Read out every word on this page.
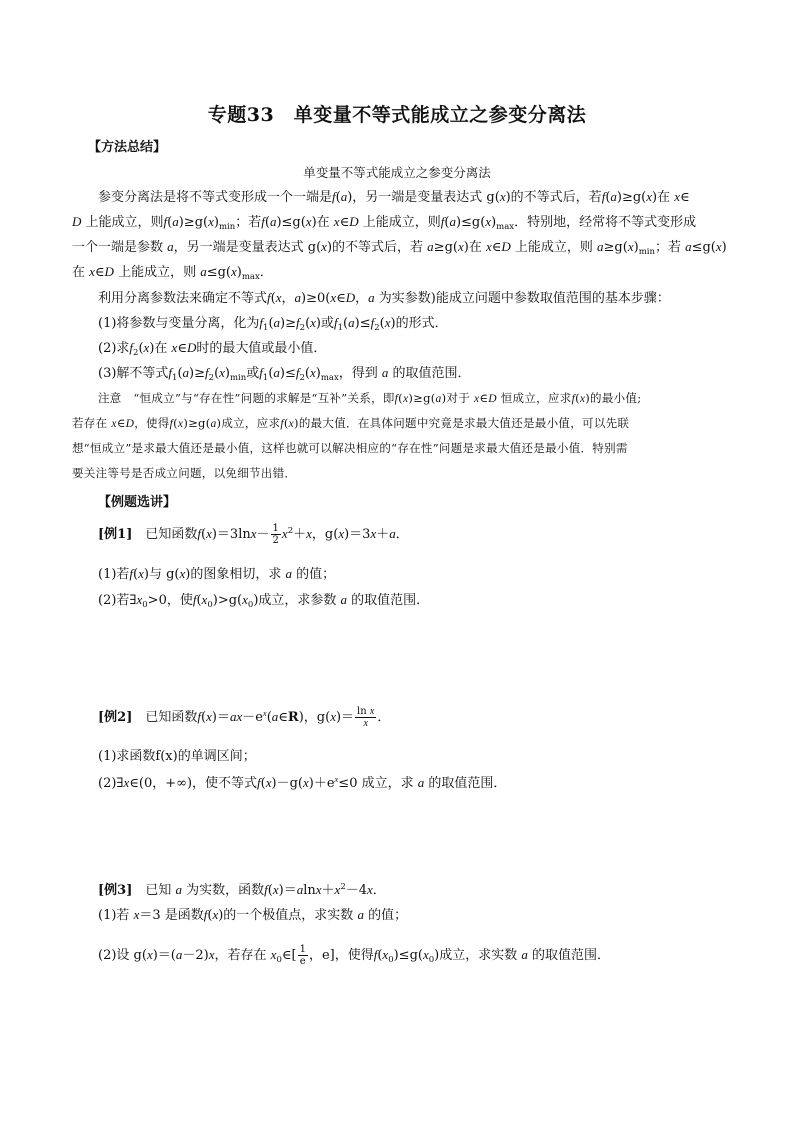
专题33　单变量不等式能成立之参变分离法
【方法总结】
单变量不等式能成立之参变分离法
参变分离法是将不等式变形成一个一端是f(a)，另一端是变量表达式 g(x)的不等式后，若f(a)≥g(x)在 x∈
D 上能成立，则$f(a)\ge g(x)_{min}$；若f(a)≤g(x)在 x∈D 上能成立，则$f(a)\le g(x)_{max}$．特别地，经常将不等式变形成
一个一端是参数 a，另一端是变量表达式 g(x)的不等式后，若 a≥g(x)在 x∈D 上能成立，则 $a\ge g(x)_{min}$；若 a≤g(x)
在 x∈D 上能成立，则 $a\le g(x)_{max}$．
利用分离参数法来确定不等式f(x，a)≥0(x∈D，a 为实参数)能成立问题中参数取值范围的基本步骤：
(1)将参数与变量分离，化为$f_1(a)\ge f_2(x)$或$f_1(a)\le f_2(x)$的形式．
(2)求$f_2(x)$在 x∈D时的最大值或最小值．
(3)解不等式$f_1(a)\ge f_2(x)_{min}$或$f_1(a)\le f_2(x)_{max}$，得到 a 的取值范围．
注意　“恒成立”与“存在性”问题的求解是“互补”关系，即f(x)≥g(a)对于 x∈D 恒成立，应求f(x)的最小值;
若存在 x∈D，使得f(x)≥g(a)成立，应求f(x)的最大值．在具体问题中究竟是求最大值还是最小值，可以先联
想“恒成立”是求最大值还是最小值，这样也就可以解决相应的“存在性”问题是求最大值还是最小值．特别需
要关注等号是否成立问题，以免细节出错．
【例题选讲】
[例1]　已知函数$f(x)=3\ln x- \frac{1}{2} x^2+x$，g(x)＝3x＋a．
(1)若f(x)与 g(x)的图象相切，求 a 的值；
(2)若$\exists x_0>0$，使$f(x_0)>g(x_0)$成立，求参数 a 的取值范围．
[例2]　已知函数$f(x)=ax-e^x(a\in R)$，$g(x)= \frac{\text{ln x}}{x}$ ．
(1)求函数f(x)的单调区间；
(2)∃x∈(0，+∞)，使不等式$f(x)-g(x)+e^x\le 0$ 成立，求 a 的取值范围．
[例3]　已知 a 为实数，函数$f(x)=alnx+x^2-4x$．
(1)若 x＝3 是函数f(x)的一个极值点，求实数 a 的值；
(2)设 g(x)＝(a－2)x，若存在 $x_0\in[ \frac{1}{e}$ ，e]，使得$f(x_0)\le g(x_0)$成立，求实数 a 的取值范围．
